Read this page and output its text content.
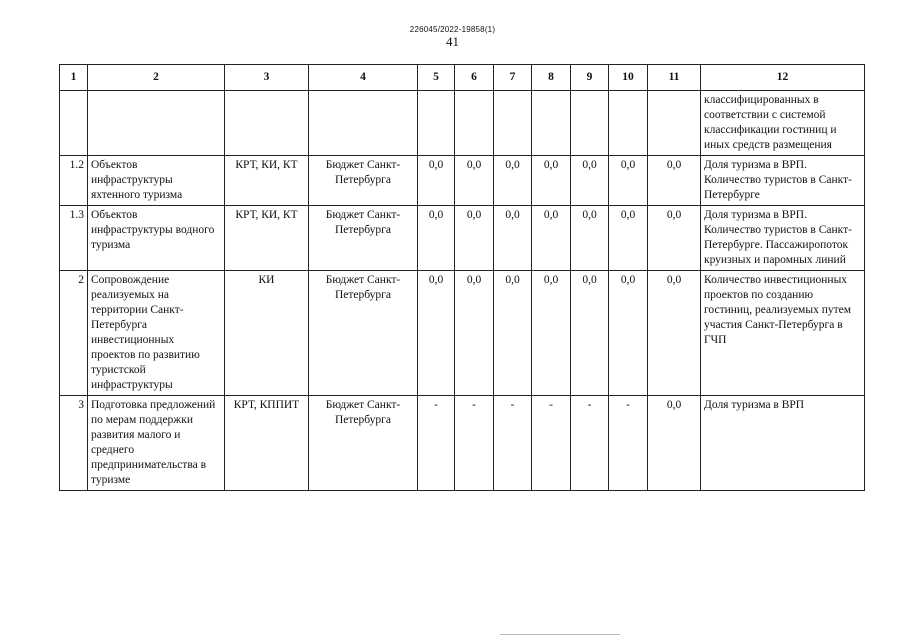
226045/2022-19858(1)
41
1	2	3	4	5	6	7	8	9	10	11	12
											классифицированных в соответствии с системой классификации гостиниц и иных средств размещения
1.2	Объектов инфраструктуры яхтенного туризма	КРТ, КИ, КТ	Бюджет Санкт-Петербурга	0,0	0,0	0,0	0,0	0,0	0,0	0,0	Доля туризма в ВРП. Количество туристов в Санкт-Петербурге
1.3	Объектов инфраструктуры водного туризма	КРТ, КИ, КТ	Бюджет Санкт-Петербурга	0,0	0,0	0,0	0,0	0,0	0,0	0,0	Доля туризма в ВРП. Количество туристов в Санкт-Петербурге. Пассажиропоток круизных и паромных линий
2	Сопровождение реализуемых на территории Санкт-Петербурга инвестиционных проектов по развитию туристской инфраструктуры	КИ	Бюджет Санкт-Петербурга	0,0	0,0	0,0	0,0	0,0	0,0	0,0	Количество инвестиционных проектов по созданию гостиниц, реализуемых путем участия Санкт-Петербурга в ГЧП
3	Подготовка предложений по мерам поддержки развития малого и среднего предпринимательства в туризме	КРТ, КППИТ	Бюджет Санкт-Петербурга	-	-	-	-	-	-	0,0	Доля туризма в ВРП
